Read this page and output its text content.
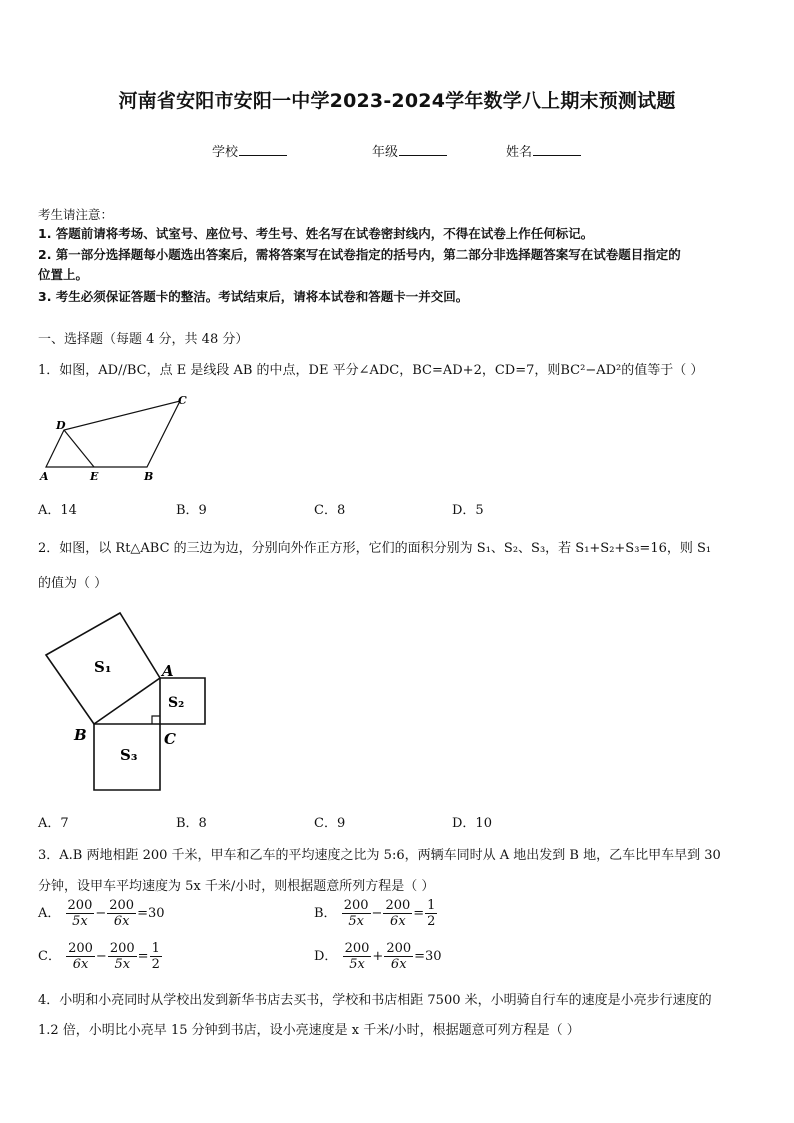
河南省安阳市安阳一中学2023-2024学年数学八上期末预测试题
学校	年级	姓名
考生请注意：
1. 答题前请将考场、试室号、座位号、考生号、姓名写在试卷密封线内，不得在试卷上作任何标记。
2. 第一部分选择题每小题选出答案后，需将答案写在试卷指定的括号内，第二部分非选择题答案写在试卷题目指定的
位置上。
3. 考生必须保证答题卡的整洁。考试结束后，请将本试卷和答题卡一并交回。
一、选择题（每题 4 分，共 48 分）
1．如图，AD//BC，点 E 是线段 AB 的中点，DE 平分∠ADC，BC=AD+2，CD=7，则BC²−AD²的值等于（ ）
A	E	B
C
D
A．14	B．9	C．8	D．5
2．如图，以 Rt△ABC 的三边为边，分别向外作正方形，它们的面积分别为 S₁、S₂、S₃，若 S₁+S₂+S₃=16，则 S₁
的值为（ ）
S₁
S₂
S₃
A
B	C
A．7	B．8	C．9	D．10
3．A.B 两地相距 200 千米，甲车和乙车的平均速度之比为 5:6，两辆车同时从 A 地出发到 B 地，乙车比甲车早到 30
分钟，设甲车平均速度为 5x 千米/小时，则根据题意所列方程是（ ）
A． $\frac{200}{5x} - \frac{200}{6x} =30$	B． $\frac{200}{5x} - \frac{200}{6x} = \frac{1}{2}$
C． $\frac{200}{6x} - \frac{200}{5x} = \frac{1}{2}$	D． $\frac{200}{5x} + \frac{200}{6x} =30$
4．小明和小亮同时从学校出发到新华书店去买书，学校和书店相距 7500 米，小明骑自行车的速度是小亮步行速度的
1.2 倍，小明比小亮早 15 分钟到书店，设小亮速度是 x 千米/小时，根据题意可列方程是（ ）
